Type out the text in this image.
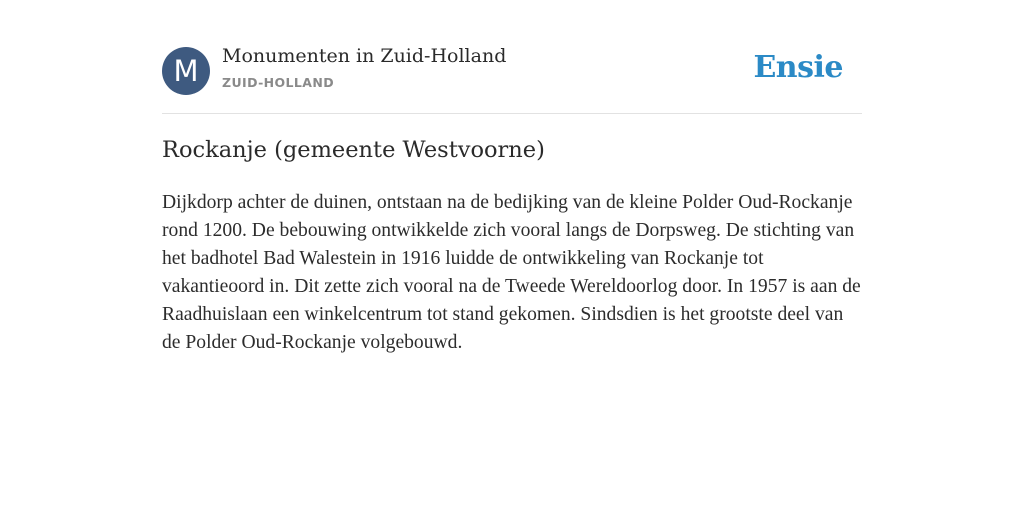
M	Monumenten in Zuid-Holland
ZUID-HOLLAND	Ensie
Rockanje (gemeente Westvoorne)
Dijkdorp achter de duinen, ontstaan na de bedijking van de kleine Polder Oud-Rockanje rond 1200. De bebouwing ontwikkelde zich vooral langs de Dorpsweg. De stichting van het badhotel Bad Walestein in 1916 luidde de ontwikkeling van Rockanje tot vakantieoord in. Dit zette zich vooral na de Tweede Wereldoorlog door. In 1957 is aan de Raadhuislaan een winkelcentrum tot stand gekomen. Sindsdien is het grootste deel van de Polder Oud-Rockanje volgebouwd.
